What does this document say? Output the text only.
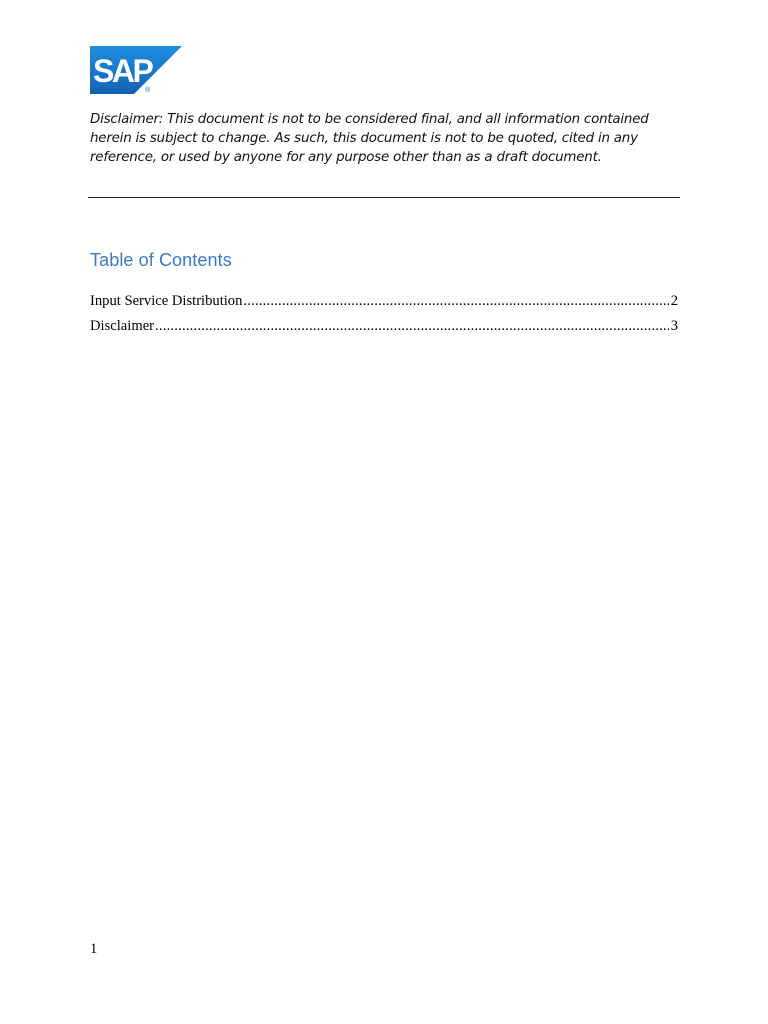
SAP
®
Disclaimer: This document is not to be considered final, and all information contained herein is subject to change. As such, this document is not to be quoted, cited in any reference, or used by anyone for any purpose other than as a draft document.
Table of Contents
Input Service Distribution .....	2
Disclaimer .....	3
1
